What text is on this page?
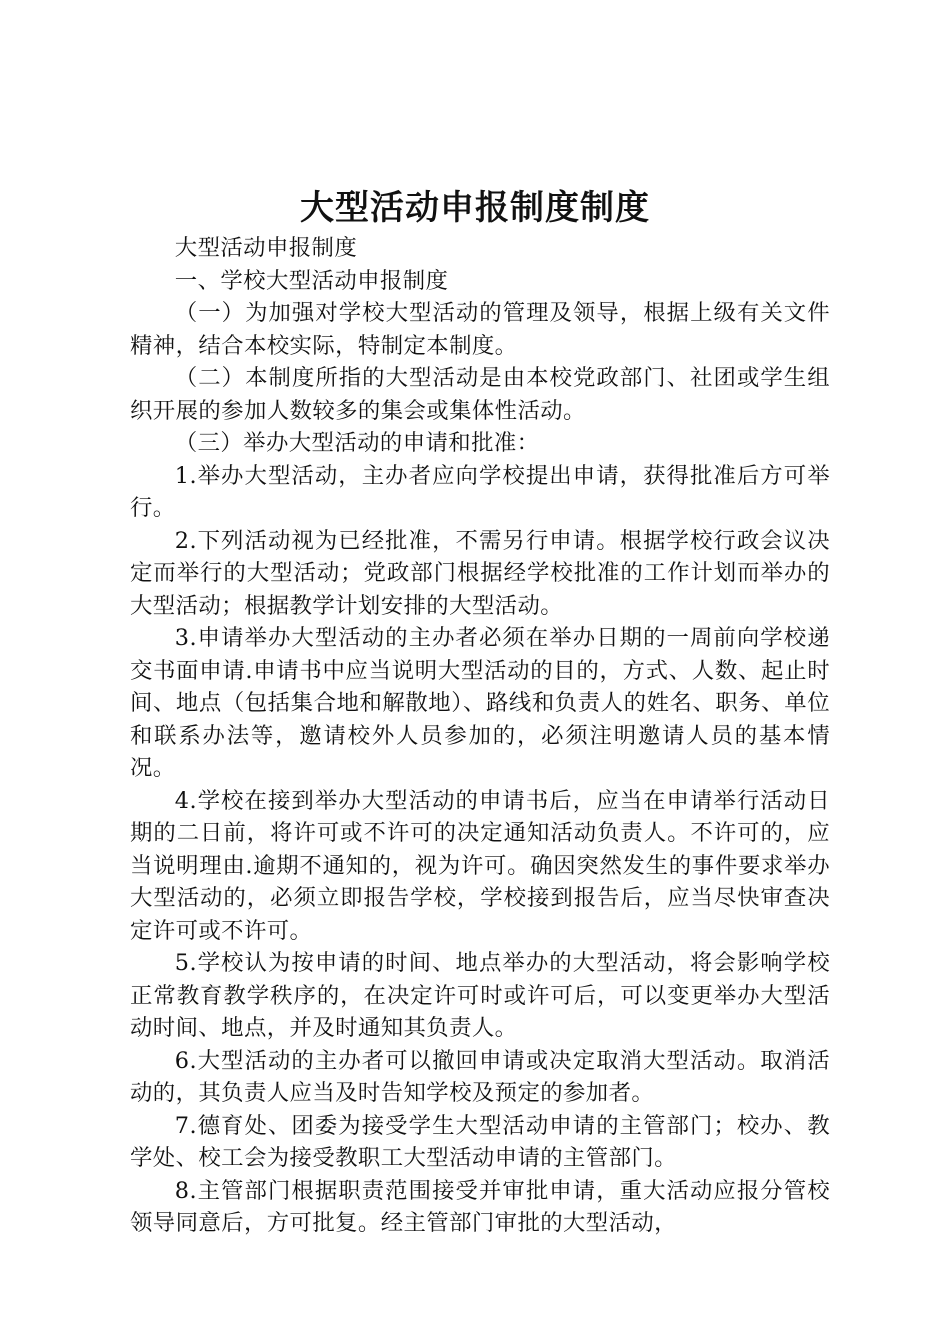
大型活动申报制度制度

大型活动申报制度

一、学校大型活动申报制度

（一）为加强对学校大型活动的管理及领导，根据上级有关文件精神，结合本校实际，特制定本制度。

（二）本制度所指的大型活动是由本校党政部门、社团或学生组织开展的参加人数较多的集会或集体性活动。

（三）举办大型活动的申请和批准：

1.举办大型活动，主办者应向学校提出申请，获得批准后方可举行。

2.下列活动视为已经批准，不需另行申请。根据学校行政会议决定而举行的大型活动；党政部门根据经学校批准的工作计划而举办的大型活动；根据教学计划安排的大型活动。

3.申请举办大型活动的主办者必须在举办日期的一周前向学校递交书面申请.申请书中应当说明大型活动的目的，方式、人数、起止时间、地点（包括集合地和解散地）、路线和负责人的姓名、职务、单位和联系办法等，邀请校外人员参加的，必须注明邀请人员的基本情况。

4.学校在接到举办大型活动的申请书后，应当在申请举行活动日期的二日前，将许可或不许可的决定通知活动负责人。不许可的，应当说明理由.逾期不通知的，视为许可。确因突然发生的事件要求举办大型活动的，必须立即报告学校，学校接到报告后，应当尽快审查决定许可或不许可。

5.学校认为按申请的时间、地点举办的大型活动，将会影响学校正常教育教学秩序的，在决定许可时或许可后，可以变更举办大型活动时间、地点，并及时通知其负责人。

6.大型活动的主办者可以撤回申请或决定取消大型活动。取消活动的，其负责人应当及时告知学校及预定的参加者。

7.德育处、团委为接受学生大型活动申请的主管部门；校办、教学处、校工会为接受教职工大型活动申请的主管部门。

8.主管部门根据职责范围接受并审批申请，重大活动应报分管校领导同意后，方可批复。经主管部门审批的大型活动，
